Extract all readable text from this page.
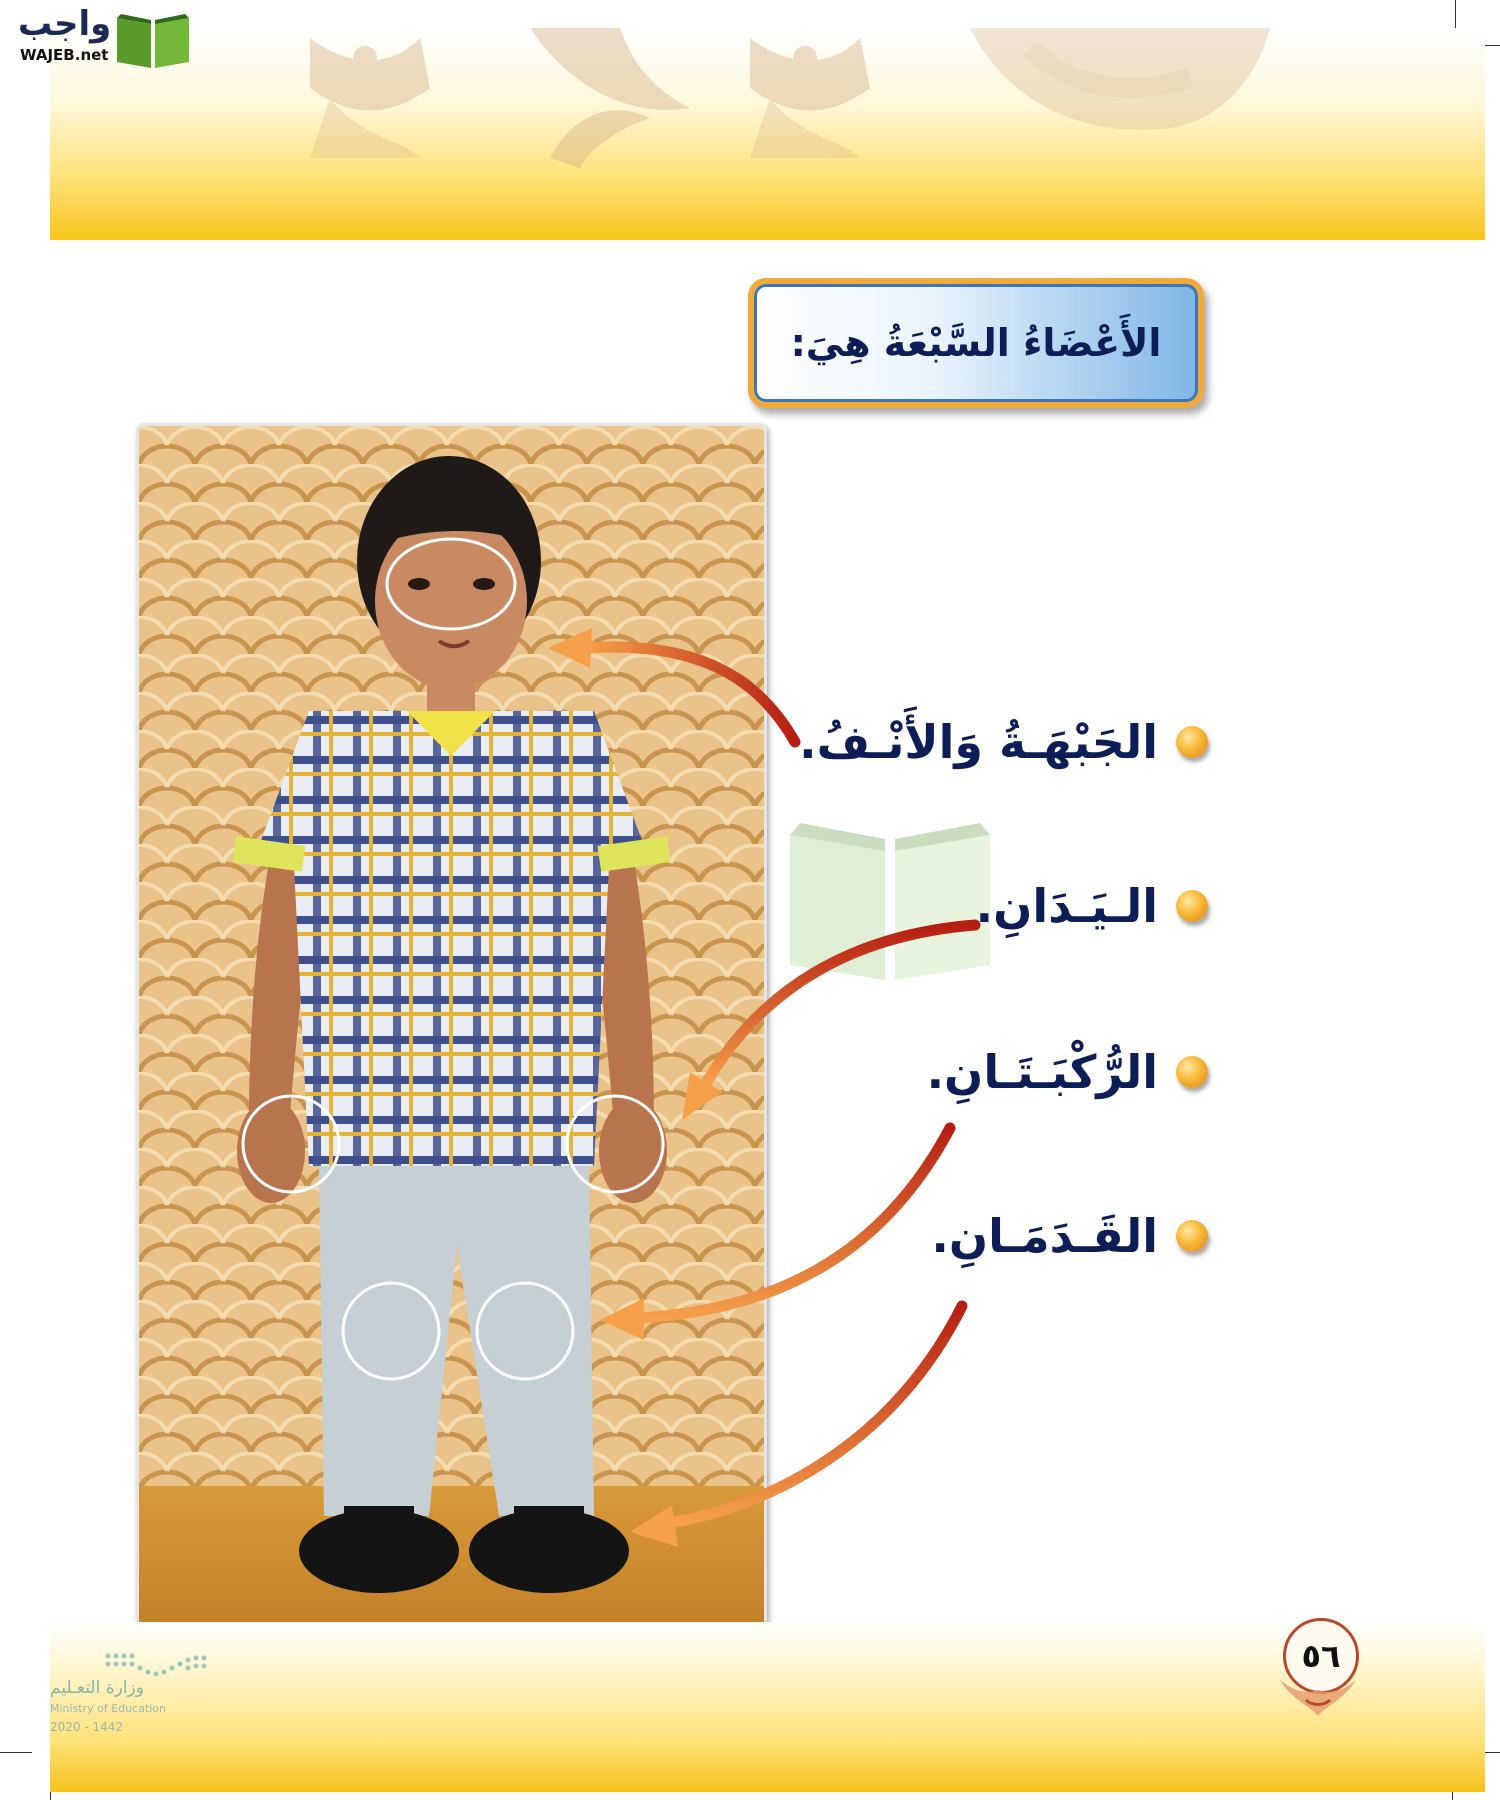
واجب
WAJEB.net
الأَعْضَاءُ السَّبْعَةُ هِيَ:
الجَبْهَـةُ وَالأَنْـفُ.
الـيَـدَانِ.
الرُّكْبَـتَـانِ.
القَـدَمَـانِ.
وزارة التعـليم
Ministry of Education
2020 - 1442
٥٦
